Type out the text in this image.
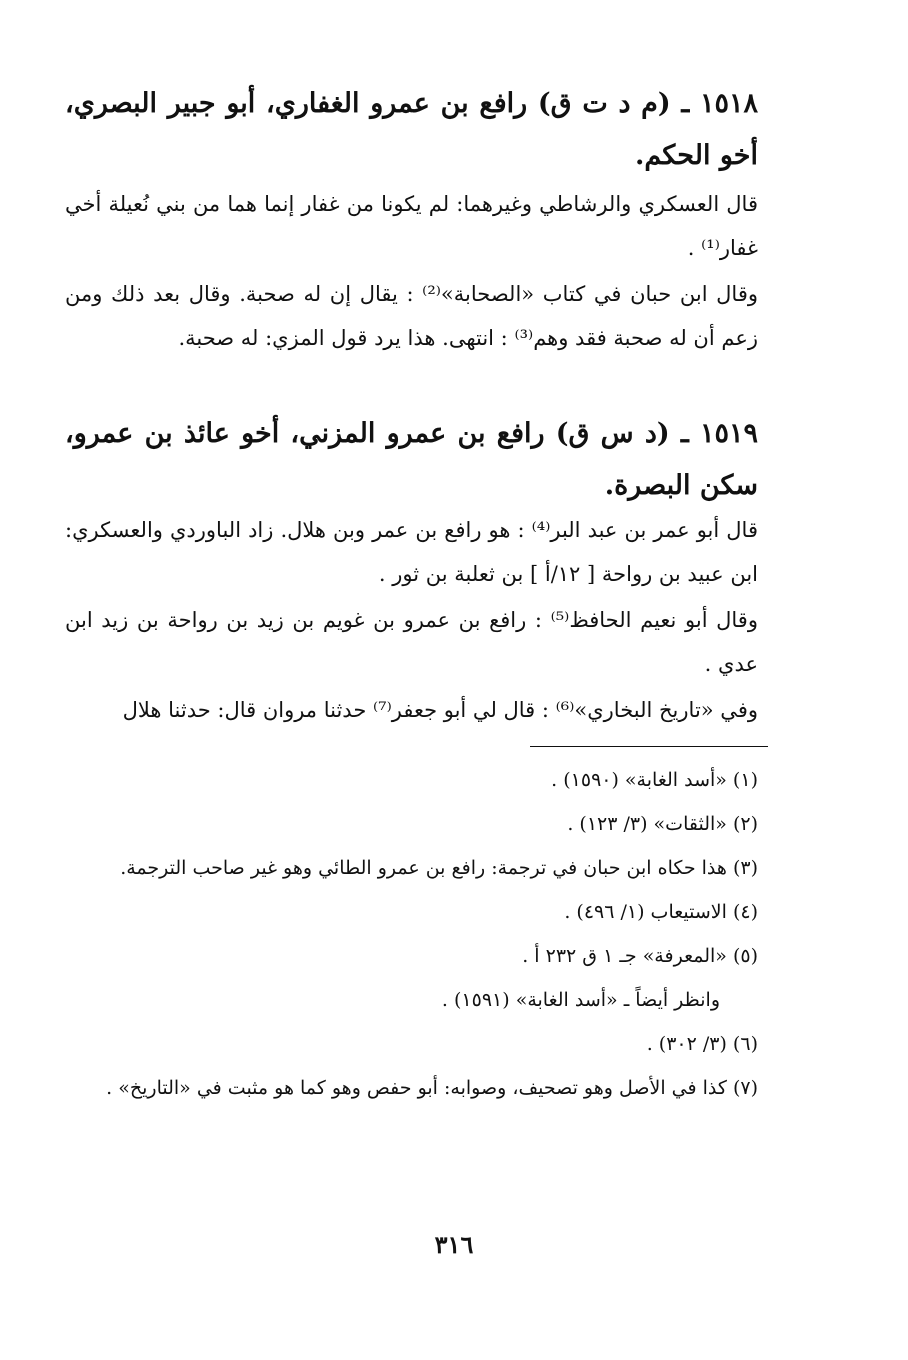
١٥١٨ ـ (م د ت ق) رافع بن عمرو الغفاري، أبو جبير البصري، أخو الحكم.

قال العسكري والرشاطي وغيرهما: لم يكونا من غفار إنما هما من بني نُعيلة أخي غفار⁽¹⁾ .

وقال ابن حبان في كتاب «الصحابة»⁽²⁾ : يقال إن له صحبة. وقال بعد ذلك ومن زعم أن له صحبة فقد وهم⁽³⁾ : انتهى. هذا يرد قول المزي: له صحبة.

١٥١٩ ـ (د س ق) رافع بن عمرو المزني، أخو عائذ بن عمرو، سكن البصرة.

قال أبو عمر بن عبد البر⁽⁴⁾ : هو رافع بن عمر وبن هلال. زاد الباوردي والعسكري: ابن عبيد بن رواحة [ ١٢/أ ] بن ثعلبة بن ثور .

وقال أبو نعيم الحافظ⁽⁵⁾ : رافع بن عمرو بن غويم بن زيد بن رواحة بن زيد ابن عدي .

وفي «تاريخ البخاري»⁽⁶⁾ : قال لي أبو جعفر⁽⁷⁾ حدثنا مروان قال: حدثنا هلال

(١) «أسد الغابة» (١٥٩٠) .
(٢) «الثقات» (٣/ ١٢٣) .
(٣) هذا حكاه ابن حبان في ترجمة: رافع بن عمرو الطائي وهو غير صاحب الترجمة.
(٤) الاستيعاب (١/ ٤٩٦) .
(٥) «المعرفة» جـ ١ ق ٢٣٢ أ .
وانظر أيضاً ـ «أسد الغابة» (١٥٩١) .
(٦) (٣/ ٣٠٢) .
(٧) كذا في الأصل وهو تصحيف، وصوابه: أبو حفص وهو كما هو مثبت في «التاريخ» .
٣١٦
